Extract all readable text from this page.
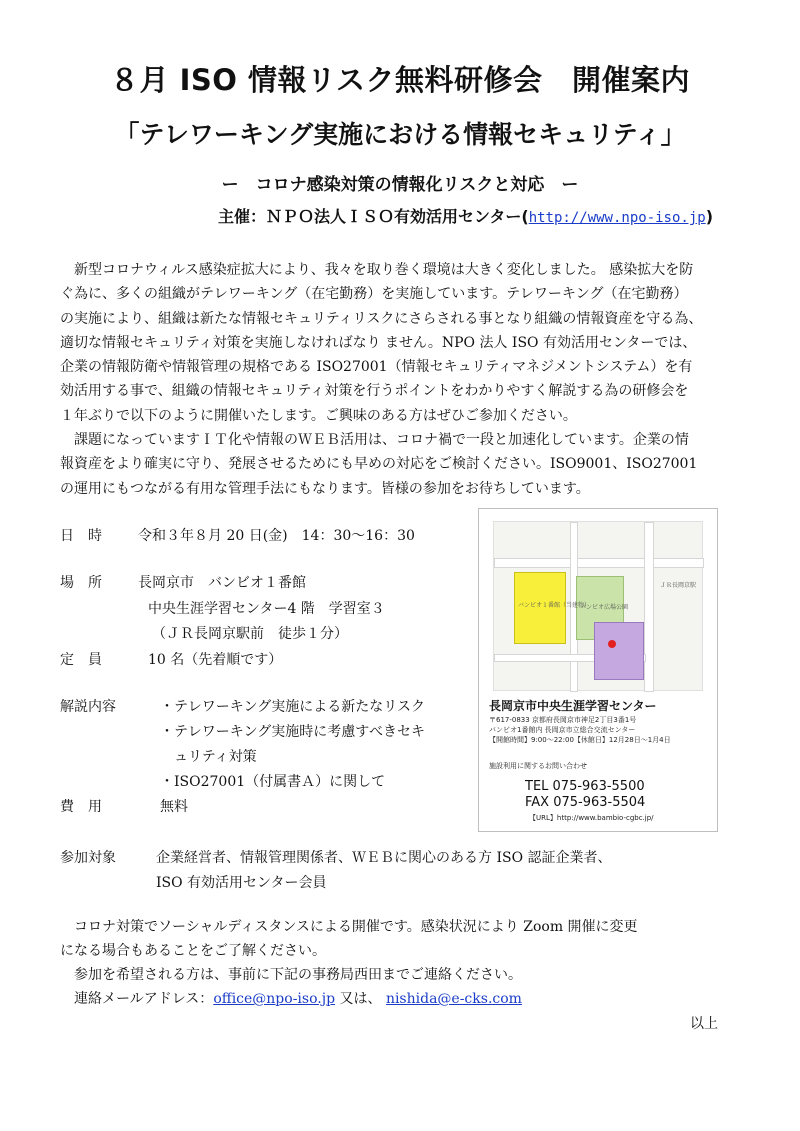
８月 ISO 情報リスク無料研修会　開催案内
「テレワーキング実施における情報セキュリティ」
ー　コロナ感染対策の情報化リスクと対応　ー
主催：ＮＰＯ法人ＩＳＯ有効活用センター(http://www.npo-iso.jp)
新型コロナウィルス感染症拡大により、我々を取り巻く環境は大きく変化しました。 感染拡大を防
ぐ為に、多くの組織がテレワーキング（在宅勤務）を実施しています。テレワーキング（在宅勤務）
の実施により、組織は新たな情報セキュリティリスクにさらされる事となり組織の情報資産を守る為、
適切な情報セキュリティ対策を実施しなければなり ません。NPO 法人 ISO 有効活用センターでは、
企業の情報防衛や情報管理の規格である ISO27001（情報セキュリティマネジメントシステム）を有
効活用する事で、組織の情報セキュリティ対策を行うポイントをわかりやすく解説する為の研修会を
１年ぶりで以下のように開催いたします。ご興味のある方はぜひご参加ください。
課題になっていますＩＴ化や情報のＷＥＢ活用は、コロナ禍で一段と加速化しています。企業の情
報資産をより確実に守り、発展させるためにも早めの対応をご検討ください。ISO9001、ISO27001
の運用にもつながる有用な管理手法にもなります。皆様の参加をお待ちしています。
日　時	令和３年８月 20 日(金)　14：30〜16：30
場　所	長岡京市　バンビオ１番館
中央生涯学習センター4 階　学習室３
（ＪＲ長岡京駅前　徒歩１分）
定　員	10 名（先着順です）
解説内容	・テレワーキング実施による新たなリスク
・テレワーキング実施時に考慮すべきセキ
ュリティ対策
・ISO27001（付属書Ａ）に関して
費　用	無料
参加対象	企業経営者、情報管理関係者、ＷＥＢに関心のある方 ISO 認証企業者、
ISO 有効活用センター会員
バンビオ１番館（当建物）
バンビオ広場公園
ＪＲ長岡京駅
長岡京市中央生涯学習センター
〒617-0833 京都府長岡京市神足2丁目3番1号
バンビオ1番館内 長岡京市立総合交流センター
【開館時間】9:00〜22:00【休館日】12月28日〜1月4日
施設利用に関するお問い合わせ
TEL 075-963-5500
FAX 075-963-5504
【URL】http://www.bambio-cgbc.jp/
コロナ対策でソーシャルディスタンスによる開催です。感染状況により Zoom 開催に変更
になる場合もあることをご了解ください。
参加を希望される方は、事前に下記の事務局西田までご連絡ください。
連絡メールアドレス：office@npo-iso.jp 又は、 nishida@e-cks.com
以上
